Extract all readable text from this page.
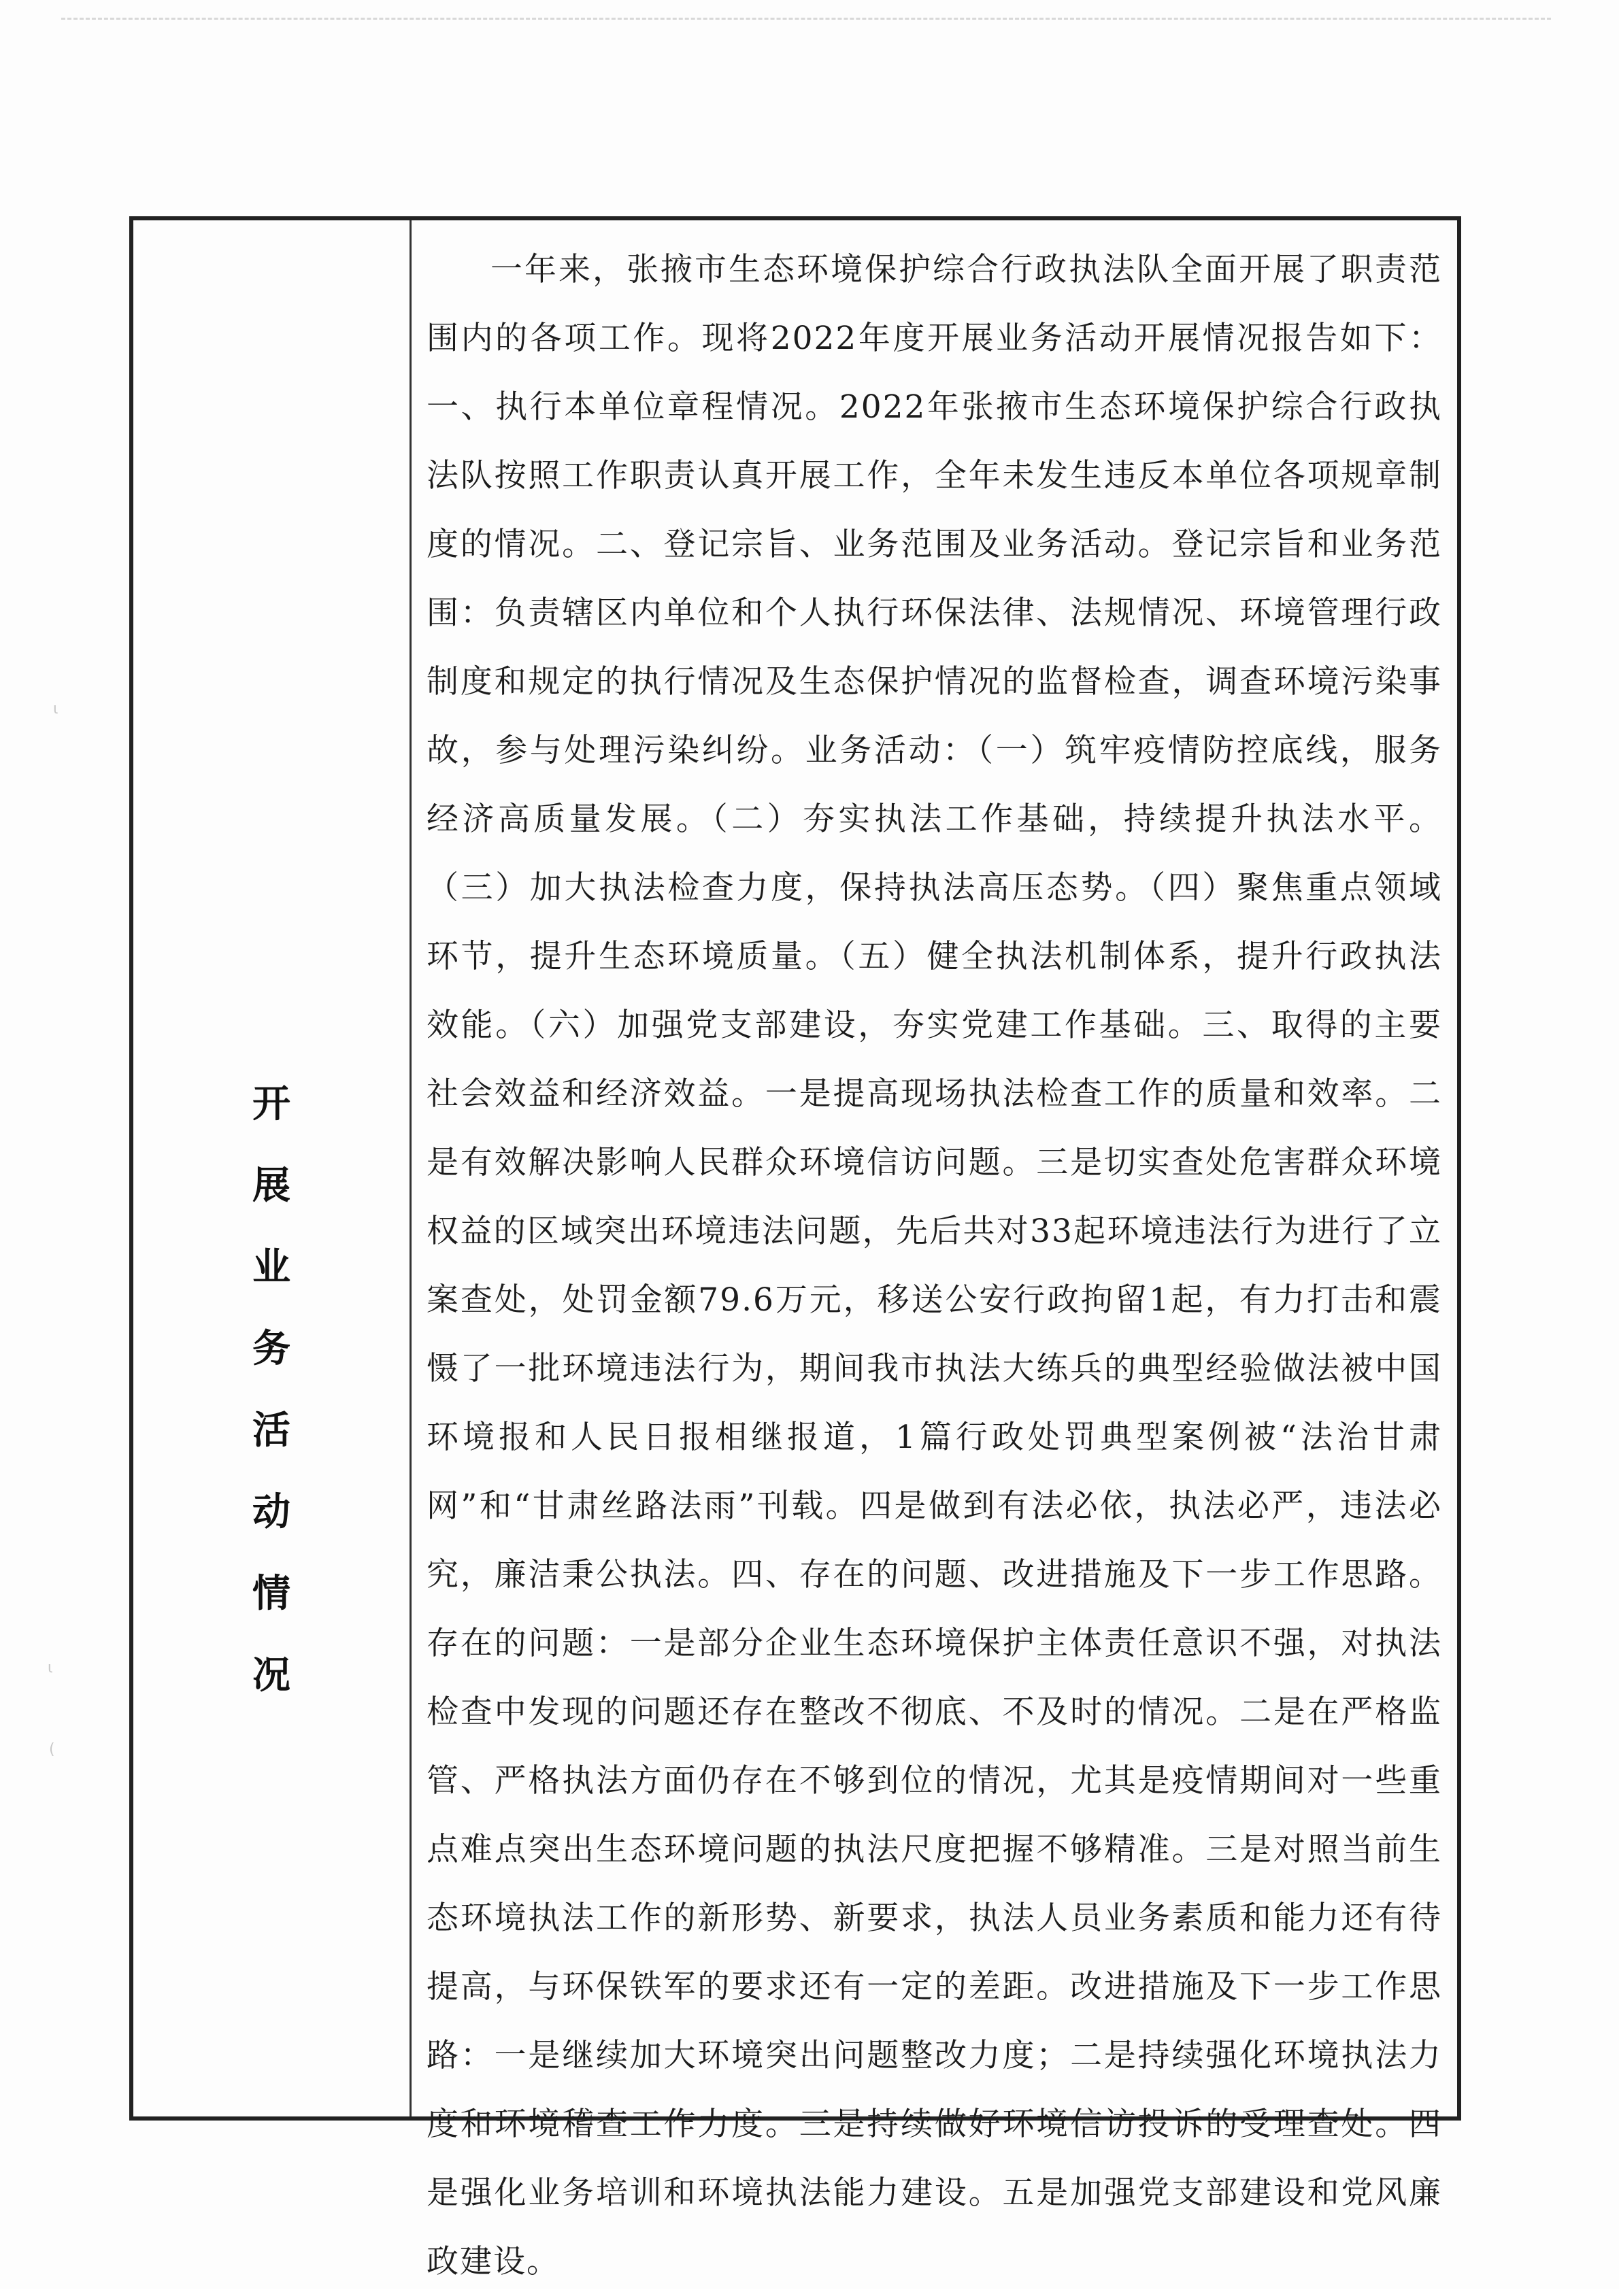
开
展
业
务
活
动
情
况

一年来，张掖市生态环境保护综合行政执法队全面开展了职责范围内的各项工作。现将2022年度开展业务活动开展情况报告如下：一、执行本单位章程情况。2022年张掖市生态环境保护综合行政执法队按照工作职责认真开展工作，全年未发生违反本单位各项规章制度的情况。二、登记宗旨、业务范围及业务活动。登记宗旨和业务范围：负责辖区内单位和个人执行环保法律、法规情况、环境管理行政制度和规定的执行情况及生态保护情况的监督检查，调查环境污染事故，参与处理污染纠纷。业务活动：（一）筑牢疫情防控底线，服务经济高质量发展。（二）夯实执法工作基础，持续提升执法水平。（三）加大执法检查力度，保持执法高压态势。（四）聚焦重点领域环节，提升生态环境质量。（五）健全执法机制体系，提升行政执法效能。（六）加强党支部建设，夯实党建工作基础。三、取得的主要社会效益和经济效益。一是提高现场执法检查工作的质量和效率。二是有效解决影响人民群众环境信访问题。三是切实查处危害群众环境权益的区域突出环境违法问题，先后共对33起环境违法行为进行了立案查处，处罚金额79.6万元，移送公安行政拘留1起，有力打击和震慑了一批环境违法行为，期间我市执法大练兵的典型经验做法被中国环境报和人民日报相继报道，1篇行政处罚典型案例被“法治甘肃网”和“甘肃丝路法雨”刊载。四是做到有法必依，执法必严，违法必究，廉洁秉公执法。四、存在的问题、改进措施及下一步工作思路。存在的问题：一是部分企业生态环境保护主体责任意识不强，对执法检查中发现的问题还存在整改不彻底、不及时的情况。二是在严格监管、严格执法方面仍存在不够到位的情况，尤其是疫情期间对一些重点难点突出生态环境问题的执法尺度把握不够精准。三是对照当前生态环境执法工作的新形势、新要求，执法人员业务素质和能力还有待提高，与环保铁军的要求还有一定的差距。改进措施及下一步工作思路：一是继续加大环境突出问题整改力度；二是持续强化环境执法力度和环境稽查工作力度。三是持续做好环境信访投诉的受理查处。四是强化业务培训和环境执法能力建设。五是加强党支部建设和党风廉政建设。

ι
ι
(
